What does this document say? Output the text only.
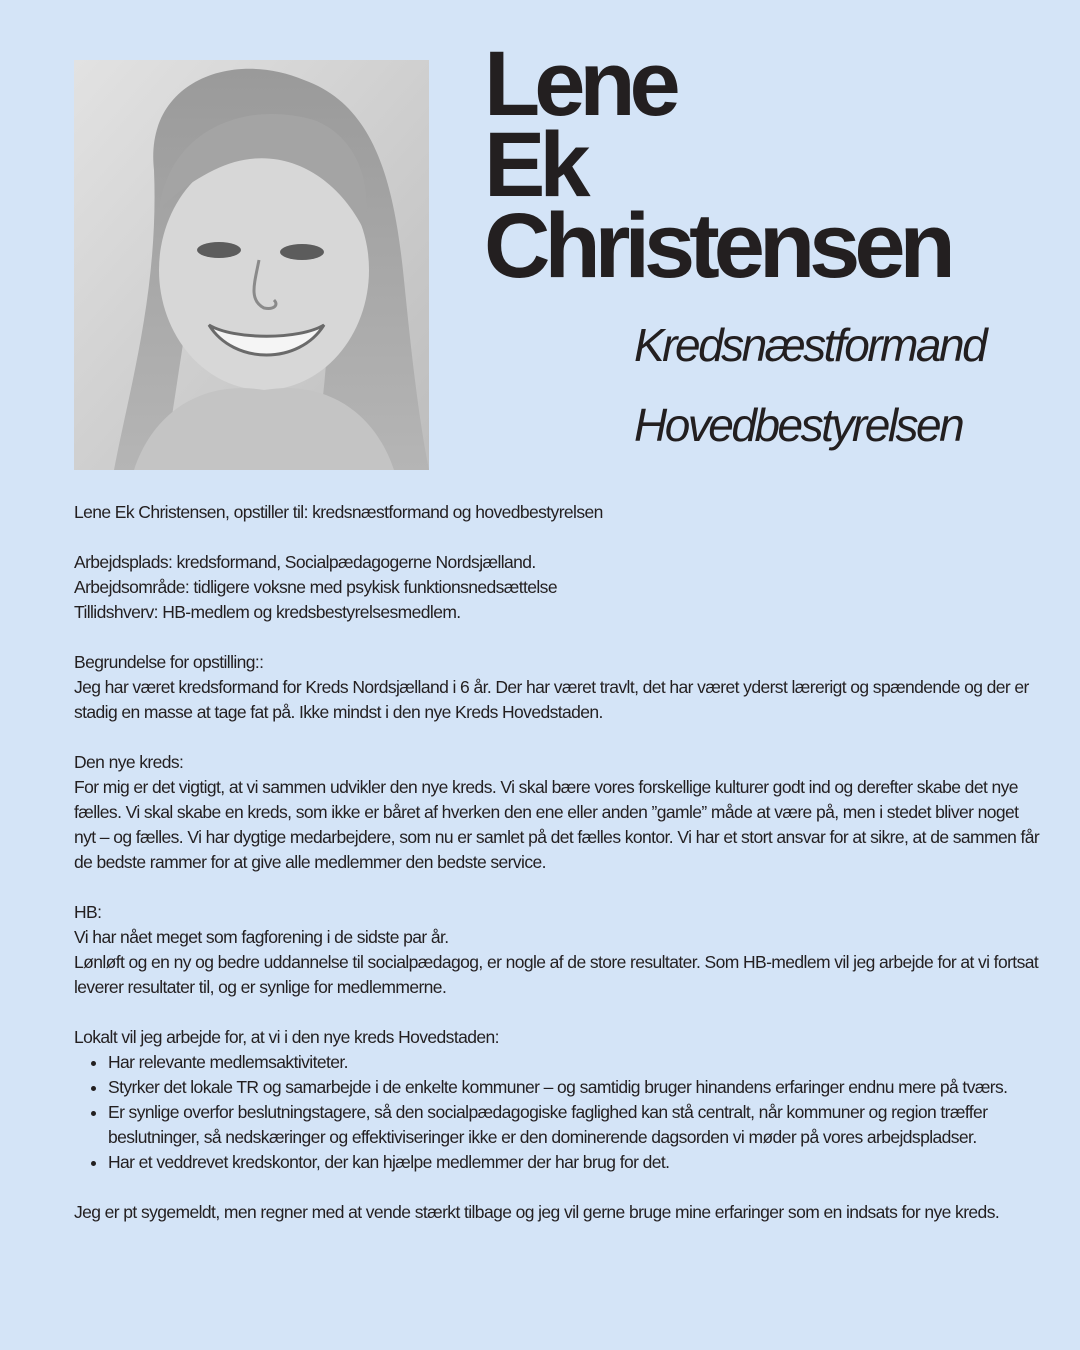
Lene
Ek
Christensen
Kredsnæstformand
Hovedbestyrelsen

Lene Ek Christensen, opstiller til: kredsnæstformand og hovedbestyrelsen

Arbejdsplads: kredsformand, Socialpædagogerne Nordsjælland.

Arbejdsområde: tidligere voksne med psykisk funktionsnedsættelse

Tillidshverv: HB-medlem og kredsbestyrelsesmedlem.

Begrundelse for opstilling::

Jeg har været kredsformand for Kreds Nordsjælland i 6 år. Der har været travlt, det har været yderst lærerigt og spændende og der er stadig en masse at tage fat på. Ikke mindst i den nye Kreds Hovedstaden.

Den nye kreds:

For mig er det vigtigt, at vi sammen udvikler den nye kreds. Vi skal bære vores forskellige kulturer godt ind og derefter skabe det nye fælles. Vi skal skabe en kreds, som ikke er båret af hverken den ene eller anden ”gamle” måde at være på, men i stedet bliver noget nyt – og fælles. Vi har dygtige medarbejdere, som nu er samlet på det fælles kontor. Vi har et stort ansvar for at sikre, at de sammen får de bedste rammer for at give alle medlemmer den bedste service.

HB:

Vi har nået meget som fagforening i de sidste par år.

Lønløft og en ny og bedre uddannelse til socialpædagog, er nogle af de store resultater. Som HB-medlem vil jeg arbejde for at vi fortsat leverer resultater til, og er synlige for medlemmerne.

Lokalt vil jeg arbejde for, at vi i den nye kreds Hovedstaden:

• Har relevante medlemsaktiviteter.
• Styrker det lokale TR og samarbejde i de enkelte kommuner – og samtidig bruger hinandens erfaringer endnu mere på tværs.
• Er synlige overfor beslutningstagere, så den socialpædagogiske faglighed kan stå centralt, når kommuner og region træffer beslutninger, så nedskæringer og effektiviseringer ikke er den dominerende dagsorden vi møder på vores arbejdspladser.
• Har et veddrevet kredskontor, der kan hjælpe medlemmer der har brug for det.

Jeg er pt sygemeldt, men regner med at vende stærkt tilbage og jeg vil gerne bruge mine erfaringer som en indsats for nye kreds.
